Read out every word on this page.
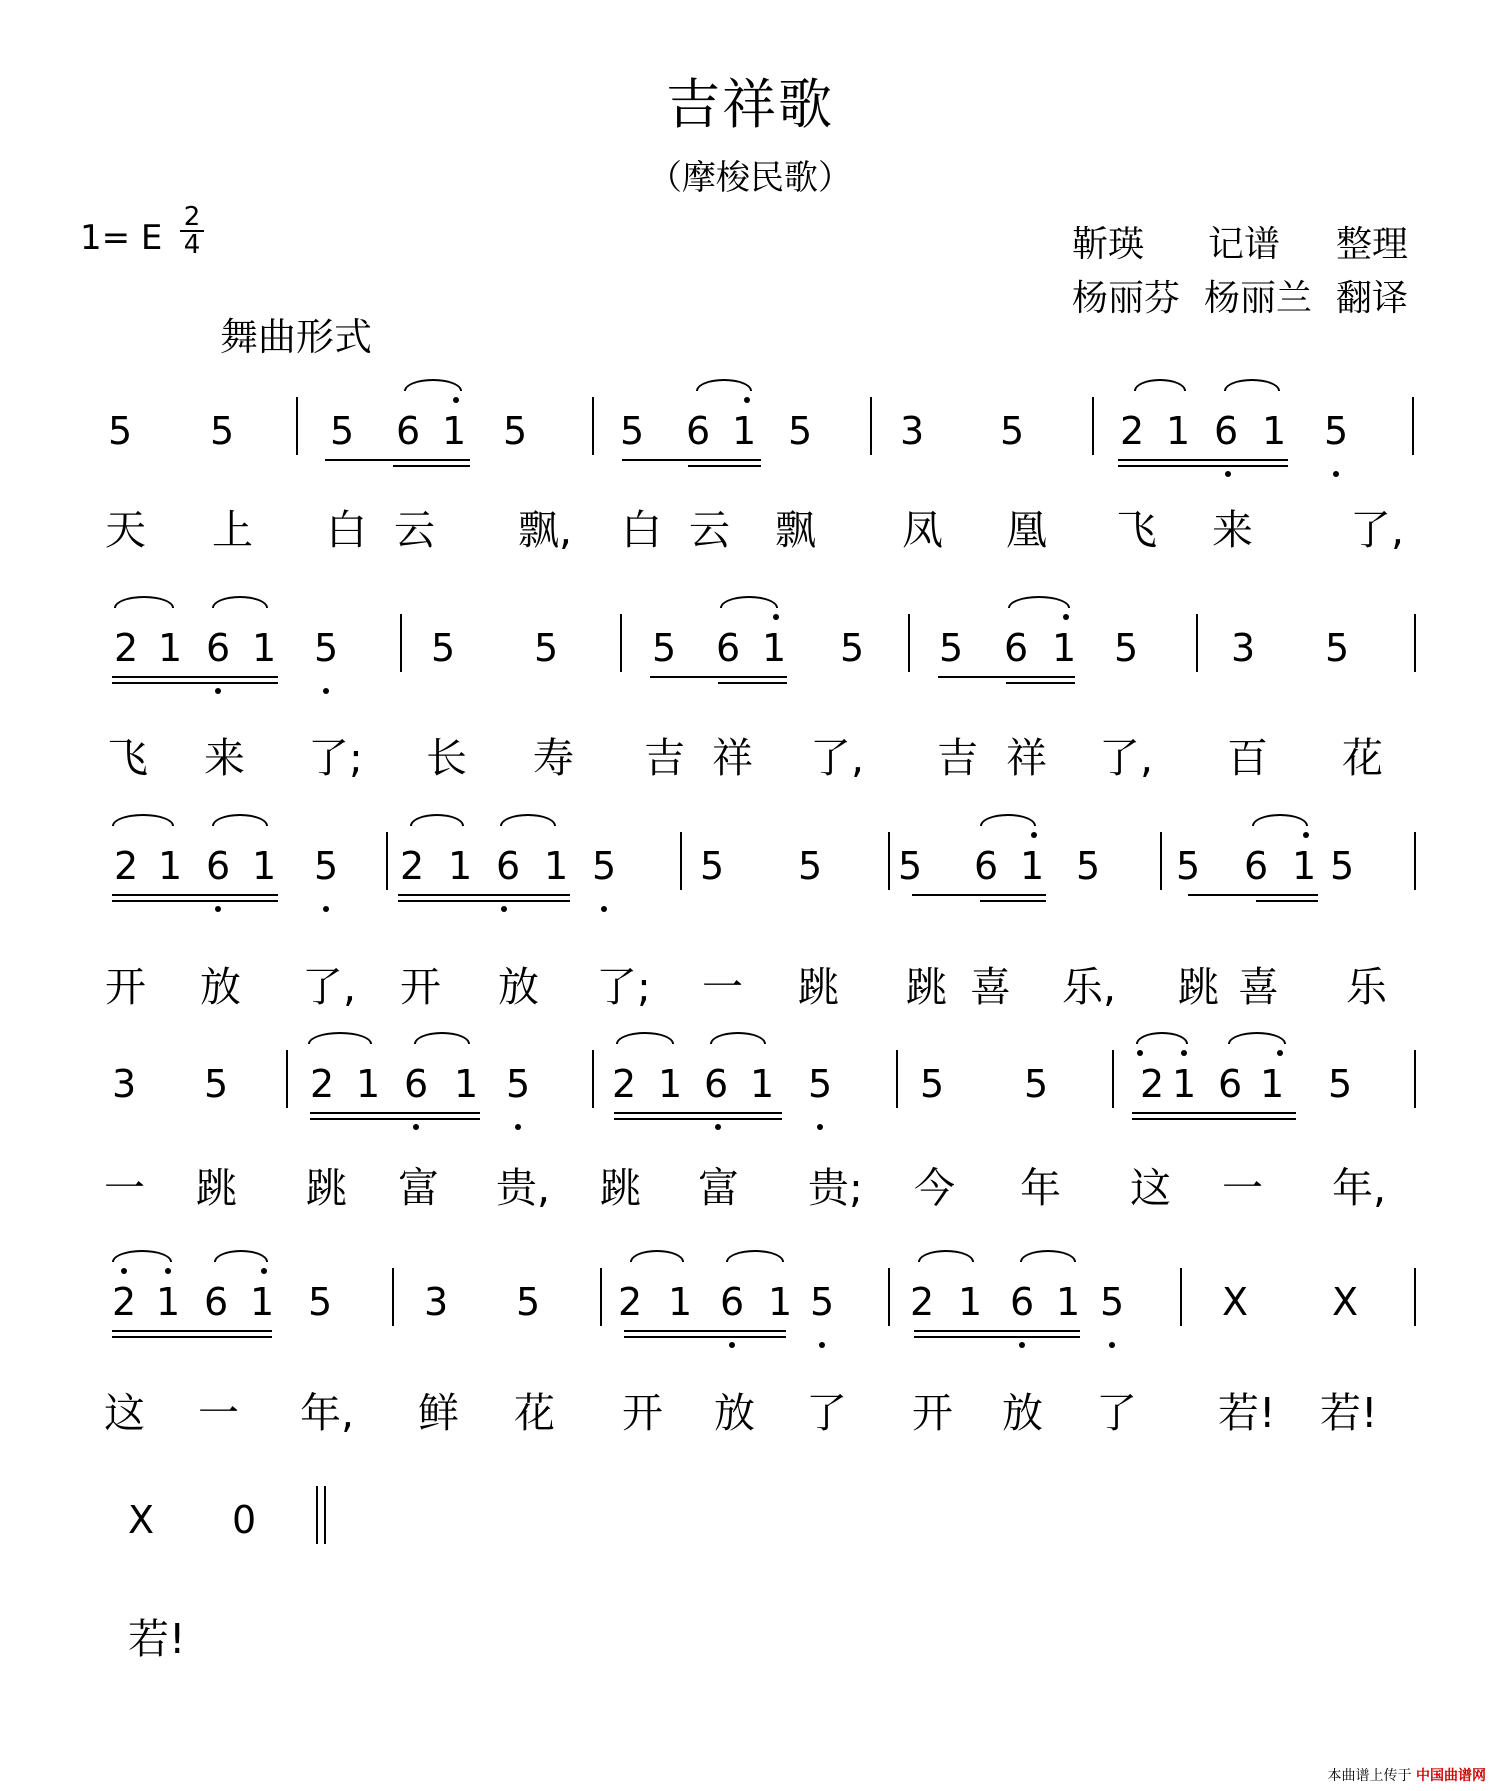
吉祥歌
（摩梭民歌）
1= E
2
4	靳瑛 记谱 整理
杨丽芬 杨丽兰 翻译
舞曲形式
5 5	5 6 1 5 5 6 1 5 3 5	2 1 6 1 5
天 上 白 云 飘, 白 云 飘 凤 凰 飞 来 了,
2 1 6 1 5 5 5 5 6 1 5 5 6 1 5 3 5
飞 来 了; 长 寿 吉 祥 了, 吉 祥 了, 百 花
2 1 6 1 5 2 1 6 1 5 5 5 5 6 1 5 5 6 1 5
开 放 了, 开 放 了; 一 跳 跳 喜 乐, 跳 喜 乐
3 5 2 1 6 1 5 2 1 6 1 5 5 5 2 1 6 1 5
一 跳 跳 富 贵, 跳 富 贵; 今 年 这 一 年,
2 1 6 1 5 3 5 2 1 6 1 5 2 1 6 1 5	X X
这 一 年, 鲜 花 开 放 了 开 放 了 若! 若!
X 0
若!
本曲谱上传于 中国曲谱网
